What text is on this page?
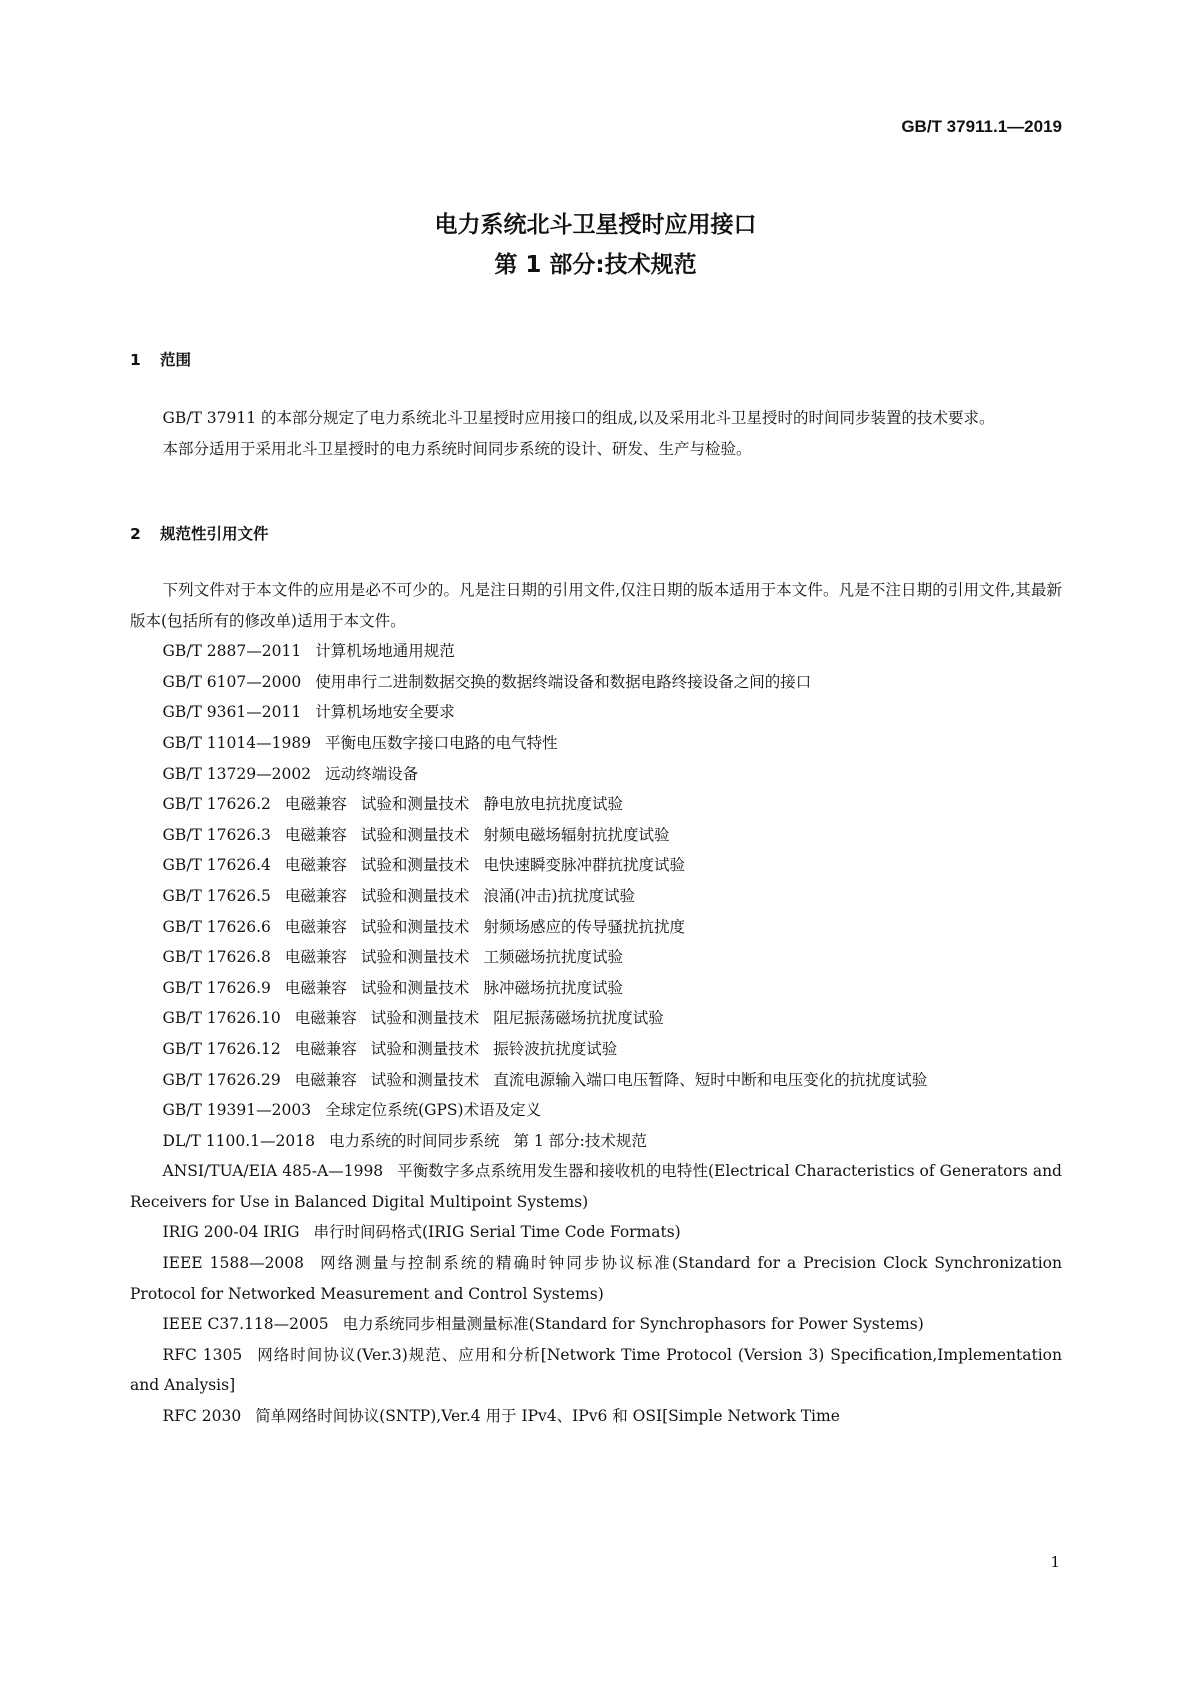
GB/T 37911.1—2019

电力系统北斗卫星授时应用接口
第 1 部分:技术规范
1 范围

GB/T 37911 的本部分规定了电力系统北斗卫星授时应用接口的组成,以及采用北斗卫星授时的时间同步装置的技术要求。

本部分适用于采用北斗卫星授时的电力系统时间同步系统的设计、研发、生产与检验。

2 规范性引用文件

下列文件对于本文件的应用是必不可少的。凡是注日期的引用文件,仅注日期的版本适用于本文件。凡是不注日期的引用文件,其最新版本(包括所有的修改单)适用于本文件。

GB/T 2887—2011 计算机场地通用规范
GB/T 6107—2000 使用串行二进制数据交换的数据终端设备和数据电路终接设备之间的接口
GB/T 9361—2011 计算机场地安全要求
GB/T 11014—1989 平衡电压数字接口电路的电气特性
GB/T 13729—2002 远动终端设备
GB/T 17626.2 电磁兼容 试验和测量技术 静电放电抗扰度试验
GB/T 17626.3 电磁兼容 试验和测量技术 射频电磁场辐射抗扰度试验
GB/T 17626.4 电磁兼容 试验和测量技术 电快速瞬变脉冲群抗扰度试验
GB/T 17626.5 电磁兼容 试验和测量技术 浪涌(冲击)抗扰度试验
GB/T 17626.6 电磁兼容 试验和测量技术 射频场感应的传导骚扰抗扰度
GB/T 17626.8 电磁兼容 试验和测量技术 工频磁场抗扰度试验
GB/T 17626.9 电磁兼容 试验和测量技术 脉冲磁场抗扰度试验
GB/T 17626.10 电磁兼容 试验和测量技术 阻尼振荡磁场抗扰度试验
GB/T 17626.12 电磁兼容 试验和测量技术 振铃波抗扰度试验
GB/T 17626.29 电磁兼容 试验和测量技术 直流电源输入端口电压暂降、短时中断和电压变化的抗扰度试验
GB/T 19391—2003 全球定位系统(GPS)术语及定义
DL/T 1100.1—2018 电力系统的时间同步系统 第 1 部分:技术规范
ANSI/TUA/EIA 485-A—1998 平衡数字多点系统用发生器和接收机的电特性(Electrical Characteristics of Generators and Receivers for Use in Balanced Digital Multipoint Systems)
IRIG 200-04 IRIG 串行时间码格式(IRIG Serial Time Code Formats)
IEEE 1588—2008 网络测量与控制系统的精确时钟同步协议标准(Standard for a Precision Clock Synchronization Protocol for Networked Measurement and Control Systems)
IEEE C37.118—2005 电力系统同步相量测量标准(Standard for Synchrophasors for Power Systems)
RFC 1305 网络时间协议(Ver.3)规范、应用和分析[Network Time Protocol (Version 3) Specification,Implementation and Analysis]
RFC 2030 简单网络时间协议(SNTP),Ver.4 用于 IPv4、IPv6 和 OSI[Simple Network Time

1
